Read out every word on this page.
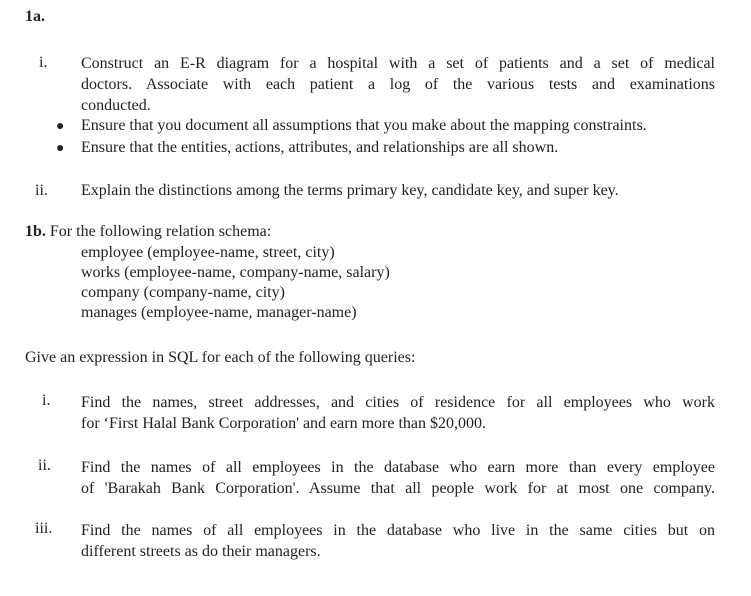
1a.
i. Construct an E-R diagram for a hospital with a set of patients and a set of medical
doctors. Associate with each patient a log of the various tests and examinations
conducted.
● Ensure that you document all assumptions that you make about the mapping constraints.
● Ensure that the entities, actions, attributes, and relationships are all shown.
ii. Explain the distinctions among the terms primary key, candidate key, and super key.
1b. For the following relation schema:
employee (employee-name, street, city)
works (employee-name, company-name, salary)
company (company-name, city)
manages (employee-name, manager-name)
Give an expression in SQL for each of the following queries:
i. Find the names, street addresses, and cities of residence for all employees who work
for ‘First Halal Bank Corporation' and earn more than $20,000.
ii. Find the names of all employees in the database who earn more than every employee
of 'Barakah Bank Corporation'. Assume that all people work for at most one company.
iii. Find the names of all employees in the database who live in the same cities but on
different streets as do their managers.
